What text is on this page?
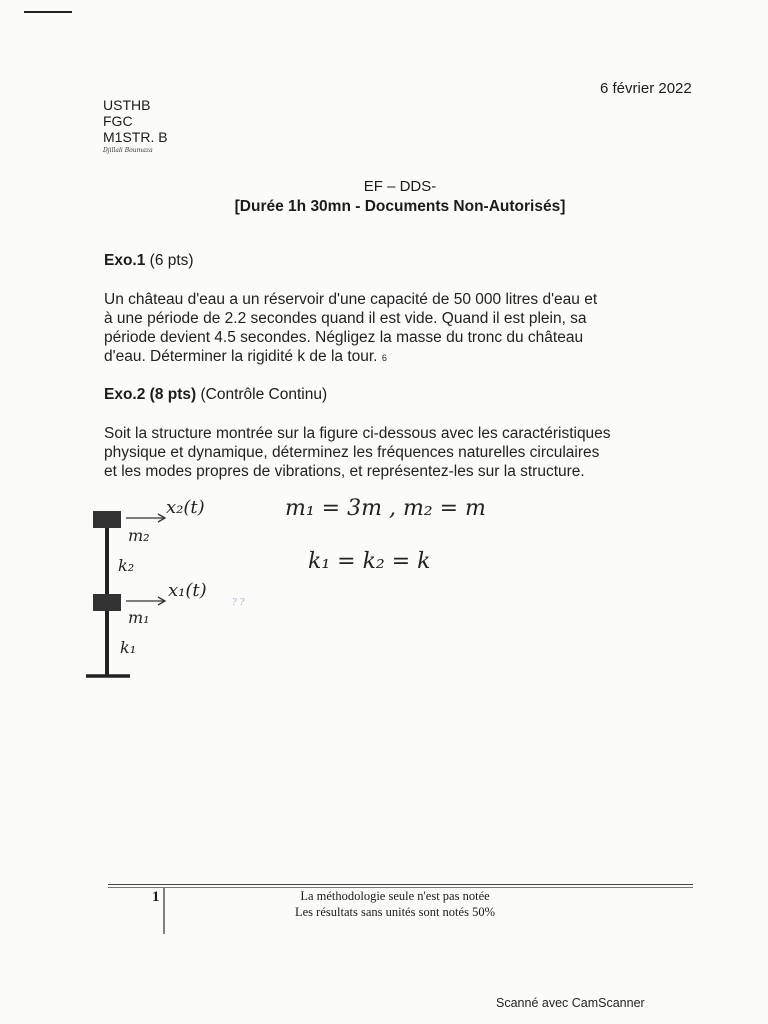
6 février 2022
USTHB
FGC
M1STR. B
Djillali Boumaza
EF – DDS-
[Durée 1h 30mn - Documents Non-Autorisés]
Exo.1 (6 pts)
Un château d'eau a un réservoir d'une capacité de 50 000 litres d'eau et
à une période de 2.2 secondes quand il est vide. Quand il est plein, sa
période devient 4.5 secondes. Négligez la masse du tronc du château
d'eau. Déterminer la rigidité k de la tour. 6
Exo.2 (8 pts) (Contrôle Continu)
Soit la structure montrée sur la figure ci-dessous avec les caractéristiques
physique et dynamique, déterminez les fréquences naturelles circulaires
et les modes propres de vibrations, et représentez-les sur la structure.
x₂(t)
m₂
k₂
x₁(t)
m₁
k₁
? ?
m₁ = 3m , m₂ = m
k₁ = k₂ = k
1	La méthodologie seule n'est pas notée
Les résultats sans unités sont notés 50%
Scanné avec CamScanner
